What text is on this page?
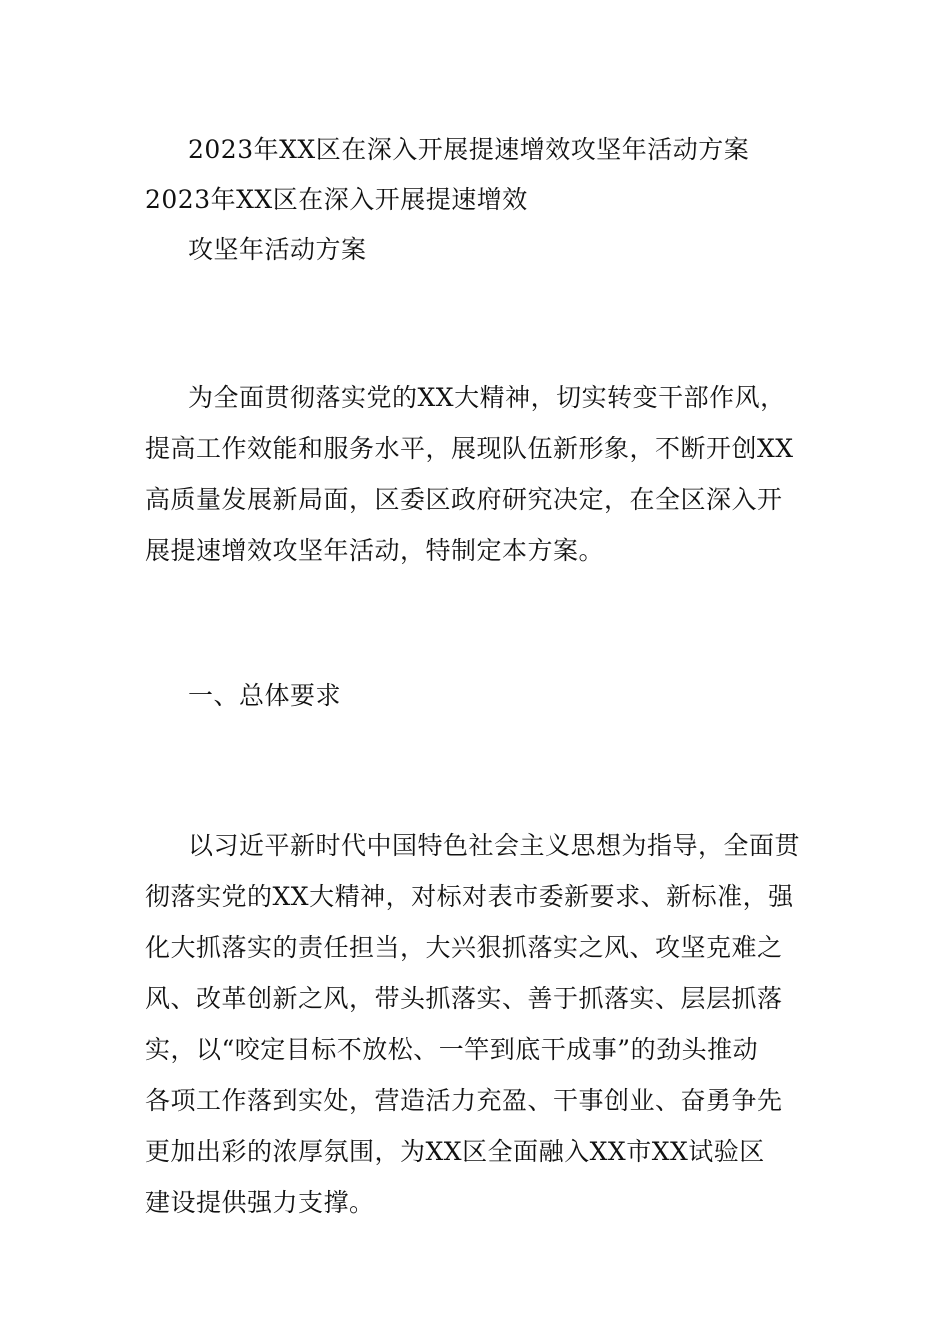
2023年XX区在深入开展提速增效攻坚年活动方案
2023年XX区在深入开展提速增效
攻坚年活动方案
为全面贯彻落实党的XX大精神，切实转变干部作风，
提高工作效能和服务水平，展现队伍新形象，不断开创XX
高质量发展新局面，区委区政府研究决定，在全区深入开
展提速增效攻坚年活动，特制定本方案。
一、总体要求
以习近平新时代中国特色社会主义思想为指导，全面贯
彻落实党的XX大精神，对标对表市委新要求、新标准，强
化大抓落实的责任担当，大兴狠抓落实之风、攻坚克难之
风、改革创新之风，带头抓落实、善于抓落实、层层抓落
实，以“咬定目标不放松、一竿到底干成事”的劲头推动
各项工作落到实处，营造活力充盈、干事创业、奋勇争先
更加出彩的浓厚氛围，为XX区全面融入XX市XX试验区
建设提供强力支撑。
